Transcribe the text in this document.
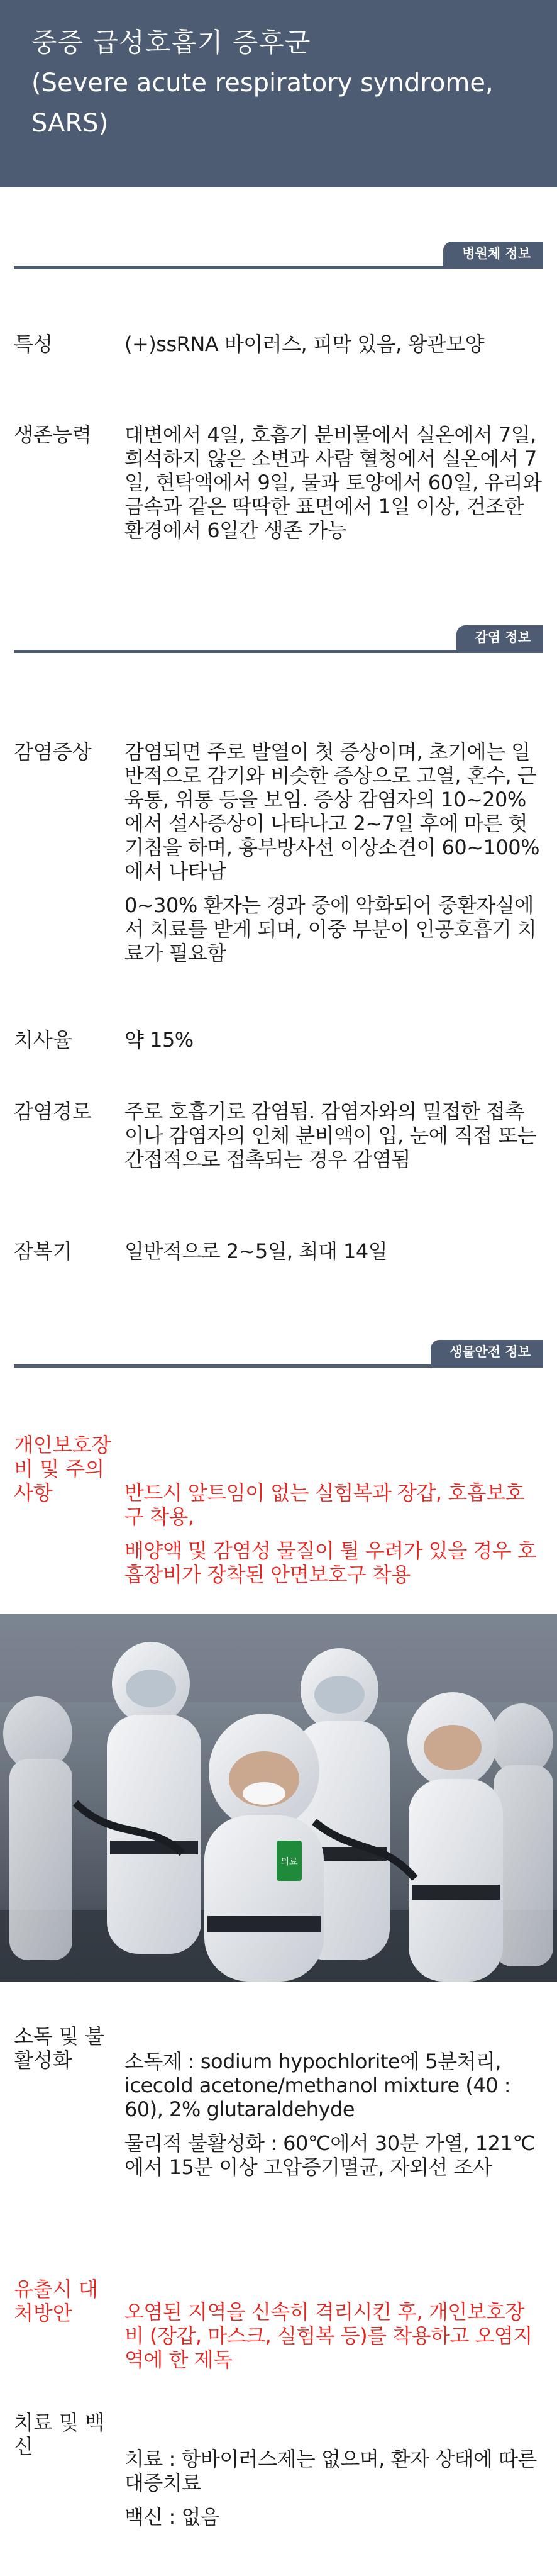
중증 급성호흡기 증후군
(Severe acute respiratory syndrome, SARS)
병원체 정보
특성	(+)ssRNA 바이러스, 피막 있음, 왕관모양
생존능력	대변에서 4일, 호흡기 분비물에서 실온에서 7일, 희석하지 않은 소변과 사람 혈청에서 실온에서 7일, 현탁액에서 9일, 물과 토양에서 60일, 유리와 금속과 같은 딱딱한 표면에서 1일 이상, 건조한 환경에서 6일간 생존 가능
감염 정보
감염증상	감염되면 주로 발열이 첫 증상이며, 초기에는 일반적으로 감기와 비슷한 증상으로 고열, 혼수, 근육통, 위통 등을 보임. 증상 감염자의 10~20% 에서 설사증상이 나타나고 2~7일 후에 마른 헛기침을 하며, 흉부방사선 이상소견이 60~100%에서 나타남

0~30% 환자는 경과 중에 악화되어 중환자실에서 치료를 받게 되며, 이중 부분이 인공호흡기 치료가 필요함

치사율	약 15%
감염경로	주로 호흡기로 감염됨. 감염자와의 밀접한 접촉이나 감염자의 인체 분비액이 입, 눈에 직접 또는 간접적으로 접촉되는 경우 감염됨
잠복기	일반적으로 2~5일, 최대 14일
생물안전 정보
개인보호장비 및 주의사항	반드시 앞트임이 없는 실험복과 장갑, 호흡보호구 착용,

배양액 및 감염성 물질이 튈 우려가 있을 경우 호흡장비가 장착된 안면보호구 착용

의료
소독 및 불활성화	소독제 : sodium hypochlorite에 5분처리, icecold acetone/methanol mixture (40 : 60), 2% glutaraldehyde

물리적 불활성화 : 60℃에서 30분 가열, 121℃에서 15분 이상 고압증기멸균, 자외선 조사

유출시 대처방안	오염된 지역을 신속히 격리시킨 후, 개인보호장비 (장갑, 마스크, 실험복 등)를 착용하고 오염지역에 한 제독
치료 및 백신

치료 : 항바이러스제는 없으며, 환자 상태에 따른 대증치료

백신 : 없음
